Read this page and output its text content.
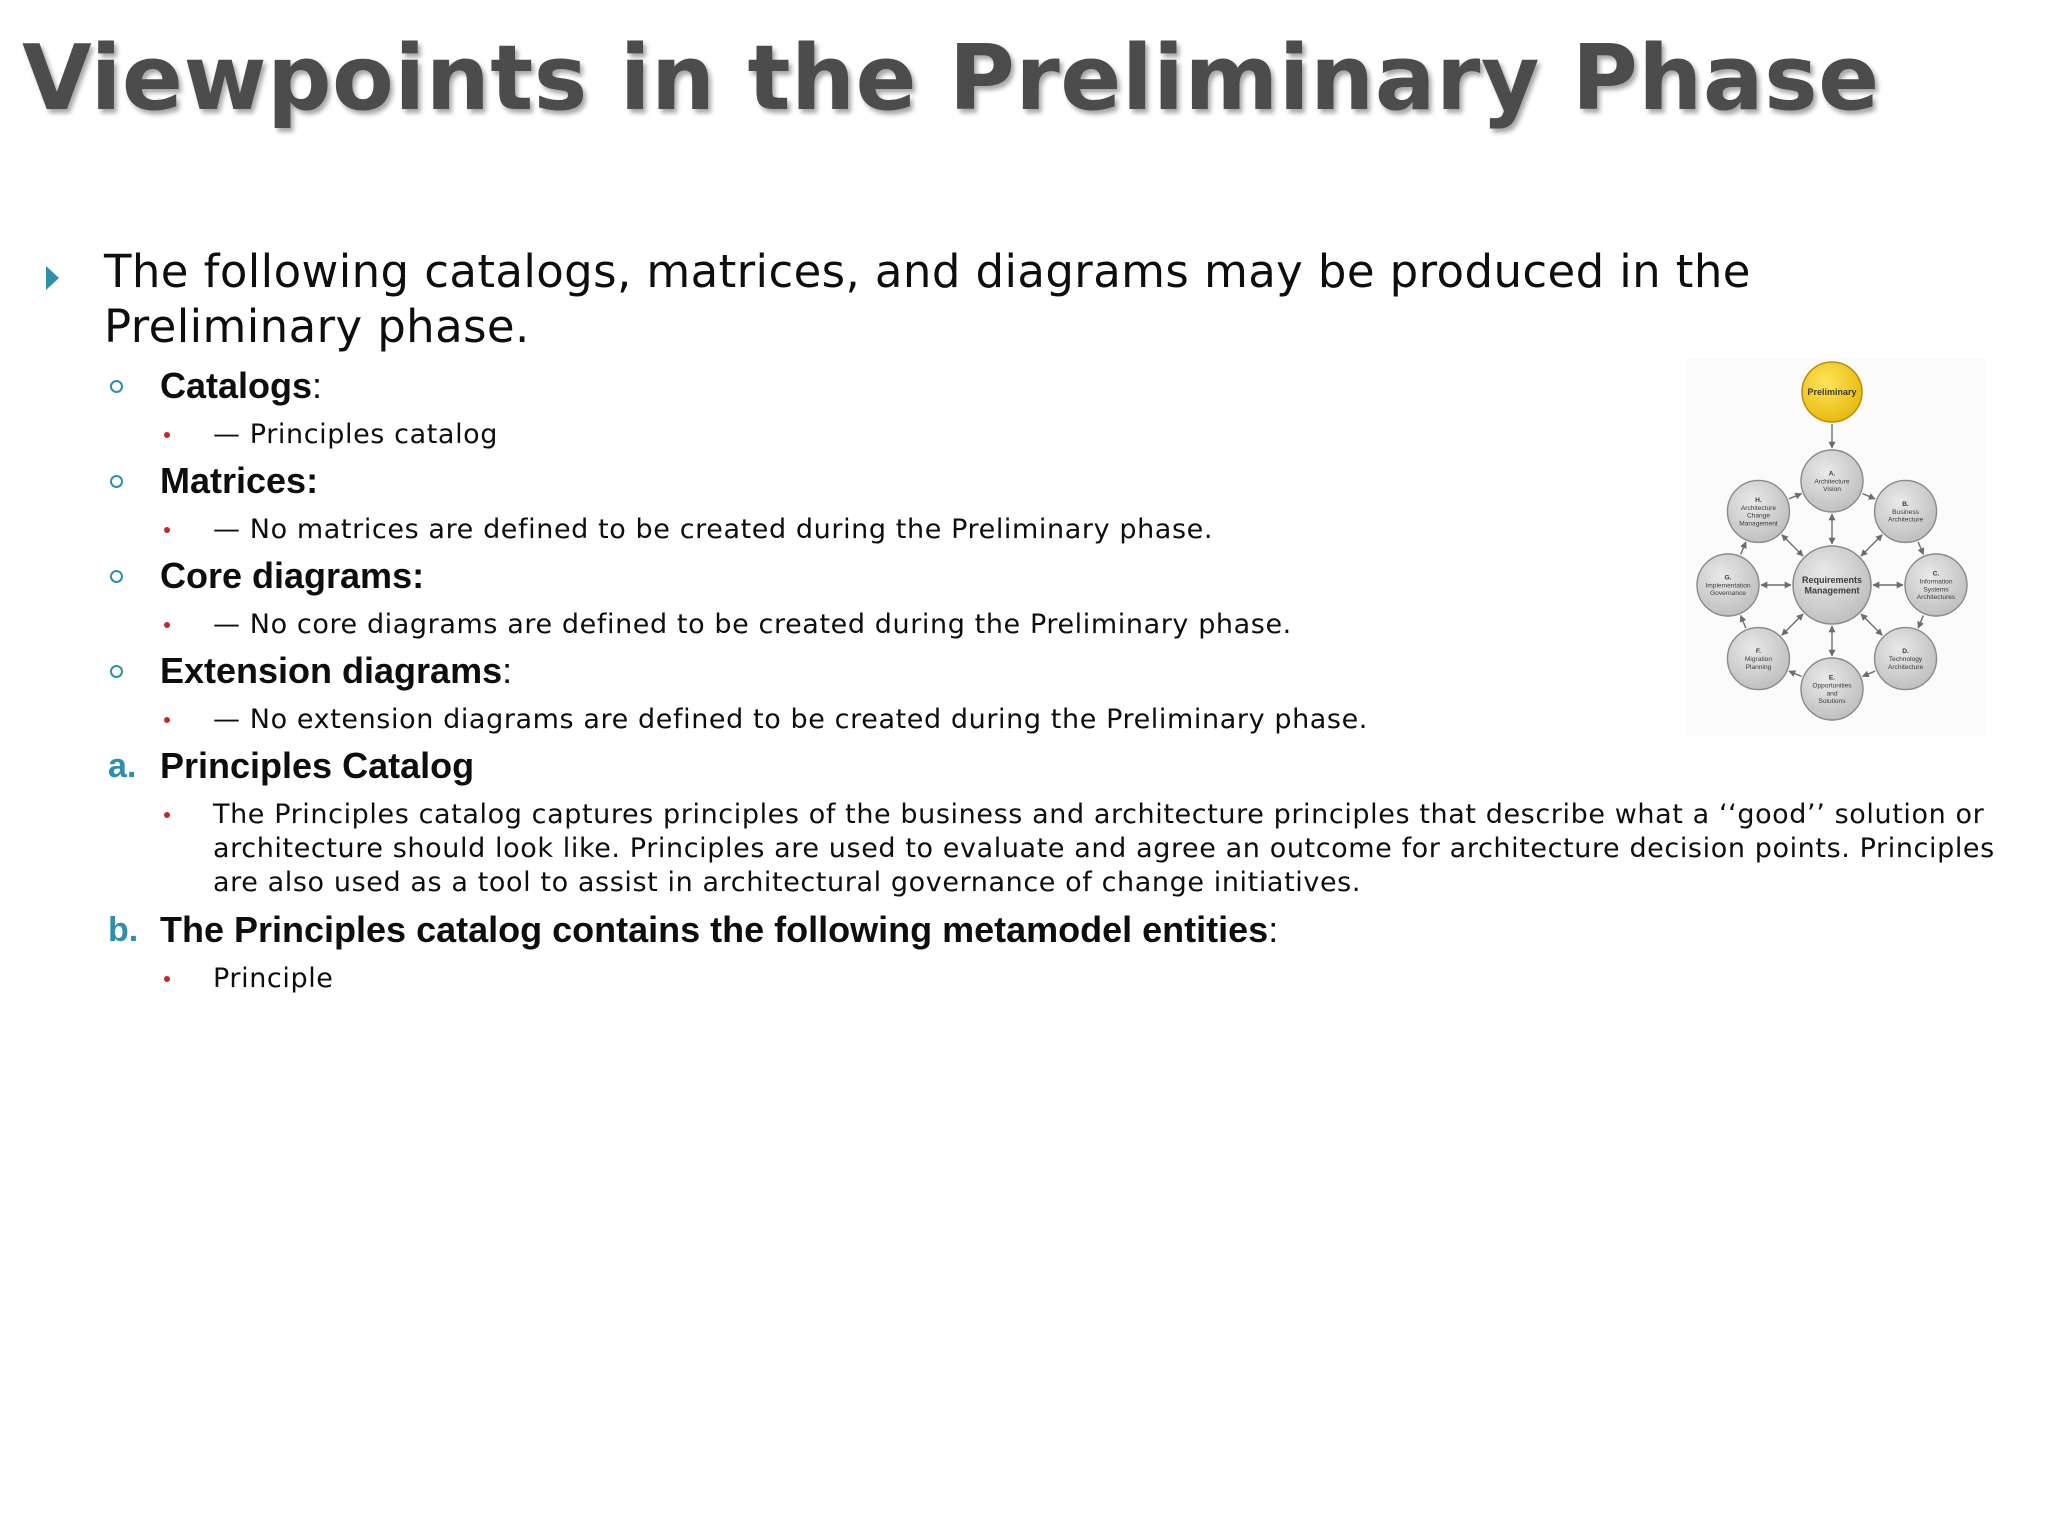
Viewpoints in the Preliminary Phase
The following catalogs, matrices, and diagrams may be produced in the Preliminary phase.
Catalogs:
— Principles catalog
Matrices:
— No matrices are defined to be created during the Preliminary phase.
Core diagrams:
— No core diagrams are defined to be created during the Preliminary phase.
Extension diagrams:
— No extension diagrams are defined to be created during the Preliminary phase.
a. Principles Catalog
The Principles catalog captures principles of the business and architecture principles that describe what a ‘‘good’’ solution or architecture should look like. Principles are used to evaluate and agree an outcome for architecture decision points. Principles are also used as a tool to assist in architectural governance of change initiatives.
b. The Principles catalog contains the following metamodel entities:
Principle
Preliminary
Requirements
Management
A.
Architecture
Vision
B.
Business
Architecture
C.
Information
Systems
Architectures
D.
Technology
Architecture
E.
Opportunities
and
Solutions
F.
Migration
Planning
G.
Implementation
Governance
H.
Architecture
Change
Management
